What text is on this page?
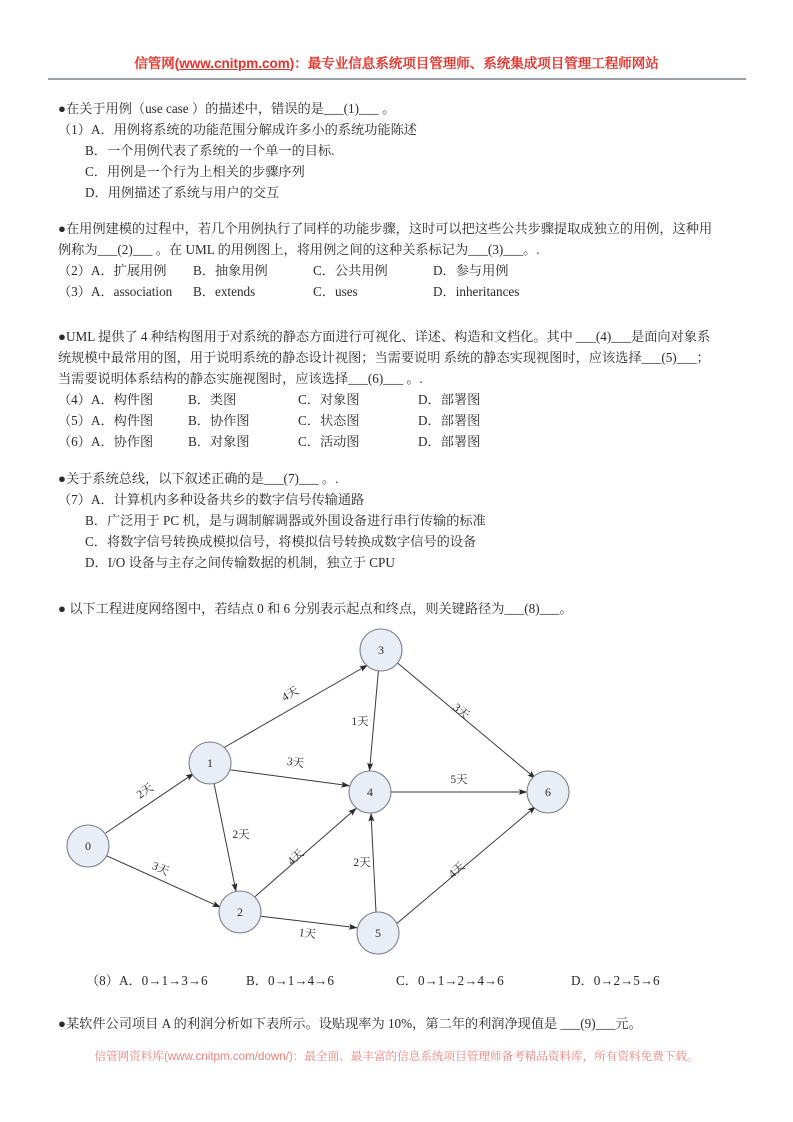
信管网(www.cnitpm.com)：最专业信息系统项目管理师、系统集成项目管理工程师网站
●在关于用例（use case ）的描述中，错误的是___(1)___ 。
（1）A．用例将系统的功能范围分解成许多小的系统功能陈述
B．一个用例代表了系统的一个单一的目标.
C．用例是一个行为上相关的步骤序列
D．用例描述了系统与用户的交互
●在用例建模的过程中，若几个用例执行了同样的功能步骤，这时可以把这些公共步骤提取成独立的用例，这种用
例称为___(2)___ 。在 UML 的用例图上，将用例之间的这种关系标记为___(3)___。.
（2）A．扩展用例 B．抽象用例	C．公共用例	D．参与用例
（3）A．association B．extends	C．uses	D．inheritances
●UML 提供了 4 种结构图用于对系统的静态方面进行可视化、详述、构造和文档化。其中 ___(4)___是面向对象系
统规模中最常用的图，用于说明系统的静态设计视图；当需要说明 系统的静态实现视图时，应该选择___(5)___；
当需要说明体系结构的静态实施视图时，应该选择___(6)___ 。.
（4）A．构件图	B．类图	C．对象图	D．部署图
（5）A．构件图	B．协作图	C．状态图	D．部署图
（6）A．协作图	B．对象图	C．活动图	D．部署图
●关于系统总线，以下叙述正确的是___(7)___ 。.
（7）A．计算机内多种设备共乡的数字信号传输通路
B．广泛用于 PC 机，是与调制解调器或外围设备进行串行传输的标准
C．将数字信号转换成模拟信号，将模拟信号转换成数字信号的设备
D．I/O 设备与主存之间传输数据的机制，独立于 CPU
● 以下工程进度网络图中，若结点 0 和 6 分别表示起点和终点，则关键路径为___(8)___。
2天
3天
4天
3天
2天
4天
1天
1天
3天
5天
2天	4天
0
1
2
3
4
5
6
（8）A．0→1→3→6	B．0→1→4→6	C．0→1→2→4→6	D．0→2→5→6
●某软件公司项目 A 的利润分析如下表所示。设贴现率为 10%，第二年的利润净现值是 ___(9)___元。
信管网资料库(www.cnitpm.com/down/)：最全面、最丰富的信息系统项目管理师备考精品资料库，所有资料免费下载。
